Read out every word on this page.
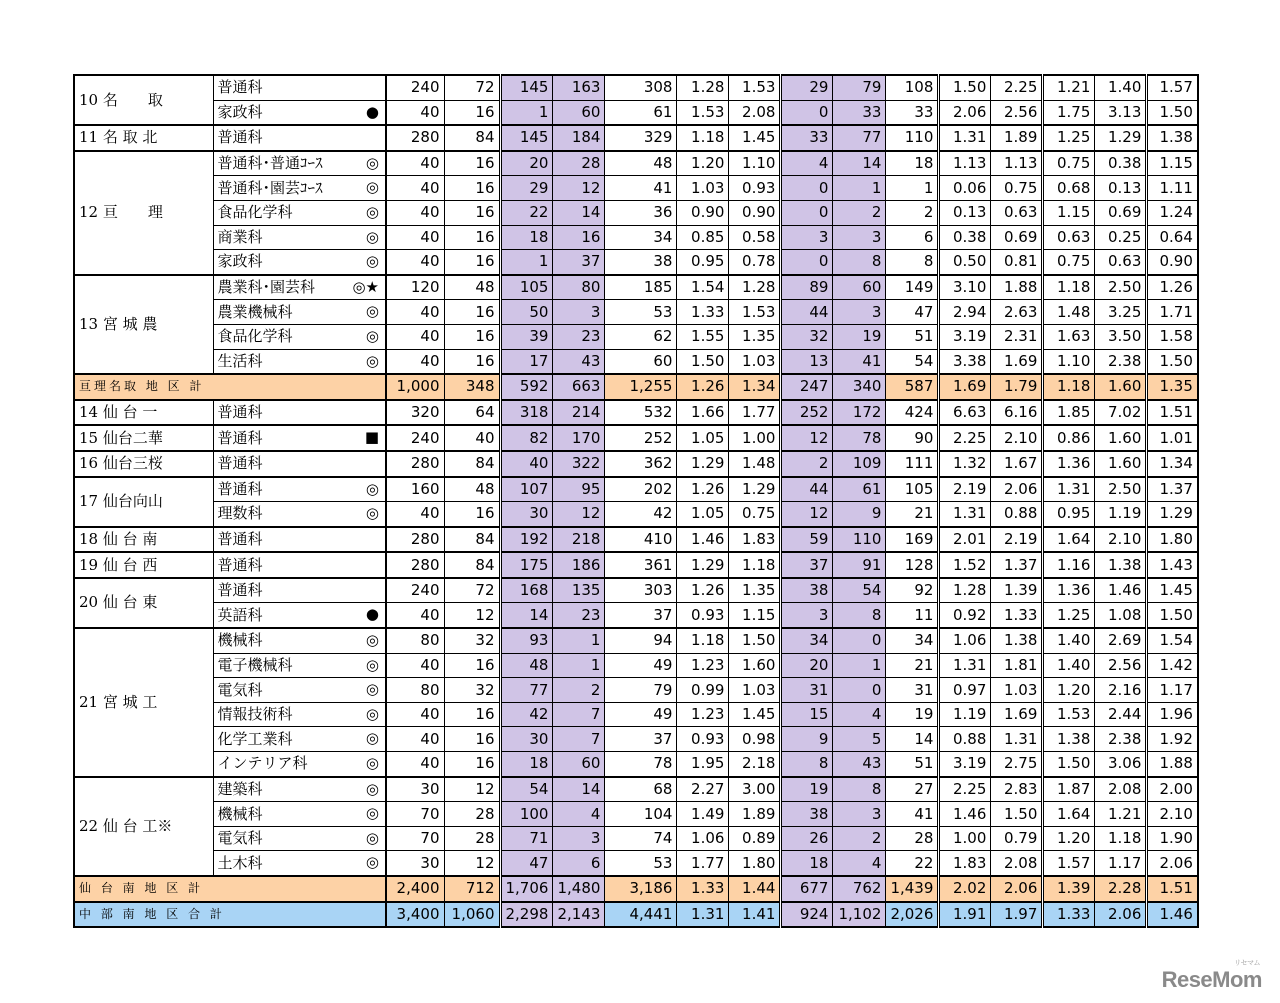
10 名　　取	普通科	240	72	145	163	308	1.28	1.53	29	79	108	1.50	2.25	1.21	1.40	1.57
	家政科 ●	40	16	1	60	61	1.53	2.08	0	33	33	2.06	2.56	1.75	3.13	1.50
11 名 取 北	普通科	280	84	145	184	329	1.18	1.45	33	77	110	1.31	1.89	1.25	1.29	1.38
12 亘　　理	普通科･普通ｺｰｽ ◎	40	16	20	28	48	1.20	1.10	4	14	18	1.13	1.13	0.75	0.38	1.15
	普通科･園芸ｺｰｽ ◎	40	16	29	12	41	1.03	0.93	0	1	1	0.06	0.75	0.68	0.13	1.11
	食品化学科 ◎	40	16	22	14	36	0.90	0.90	0	2	2	0.13	0.63	1.15	0.69	1.24
	商業科 ◎	40	16	18	16	34	0.85	0.58	3	3	6	0.38	0.69	0.63	0.25	0.64
	家政科 ◎	40	16	1	37	38	0.95	0.78	0	8	8	0.50	0.81	0.75	0.63	0.90
13 宮 城 農	農業科･園芸科 ◎★	120	48	105	80	185	1.54	1.28	89	60	149	3.10	1.88	1.18	2.50	1.26
	農業機械科 ◎	40	16	50	3	53	1.33	1.53	44	3	47	2.94	2.63	1.48	3.25	1.71
	食品化学科 ◎	40	16	39	23	62	1.55	1.35	32	19	51	3.19	2.31	1.63	3.50	1.58
	生活科 ◎	40	16	17	43	60	1.50	1.03	13	41	54	3.38	1.69	1.10	2.38	1.50
亘理名取 地 区 計		1,000	348	592	663	1,255	1.26	1.34	247	340	587	1.69	1.79	1.18	1.60	1.35
14 仙 台 一	普通科	320	64	318	214	532	1.66	1.77	252	172	424	6.63	6.16	1.85	7.02	1.51
15 仙台二華	普通科 ■	240	40	82	170	252	1.05	1.00	12	78	90	2.25	2.10	0.86	1.60	1.01
16 仙台三桜	普通科	280	84	40	322	362	1.29	1.48	2	109	111	1.32	1.67	1.36	1.60	1.34
17 仙台向山	普通科 ◎	160	48	107	95	202	1.26	1.29	44	61	105	2.19	2.06	1.31	2.50	1.37
	理数科 ◎	40	16	30	12	42	1.05	0.75	12	9	21	1.31	0.88	0.95	1.19	1.29
18 仙 台 南	普通科	280	84	192	218	410	1.46	1.83	59	110	169	2.01	2.19	1.64	2.10	1.80
19 仙 台 西	普通科	280	84	175	186	361	1.29	1.18	37	91	128	1.52	1.37	1.16	1.38	1.43
20 仙 台 東	普通科	240	72	168	135	303	1.26	1.35	38	54	92	1.28	1.39	1.36	1.46	1.45
	英語科 ●	40	12	14	23	37	0.93	1.15	3	8	11	0.92	1.33	1.25	1.08	1.50
21 宮 城 工	機械科 ◎	80	32	93	1	94	1.18	1.50	34	0	34	1.06	1.38	1.40	2.69	1.54
	電子機械科 ◎	40	16	48	1	49	1.23	1.60	20	1	21	1.31	1.81	1.40	2.56	1.42
	電気科 ◎	80	32	77	2	79	0.99	1.03	31	0	31	0.97	1.03	1.20	2.16	1.17
	情報技術科 ◎	40	16	42	7	49	1.23	1.45	15	4	19	1.19	1.69	1.53	2.44	1.96
	化学工業科 ◎	40	16	30	7	37	0.93	0.98	9	5	14	0.88	1.31	1.38	2.38	1.92
	インテリア科 ◎	40	16	18	60	78	1.95	2.18	8	43	51	3.19	2.75	1.50	3.06	1.88
22 仙 台 工※	建築科 ◎	30	12	54	14	68	2.27	3.00	19	8	27	2.25	2.83	1.87	2.08	2.00
	機械科 ◎	70	28	100	4	104	1.49	1.89	38	3	41	1.46	1.50	1.64	1.21	2.10
	電気科 ◎	70	28	71	3	74	1.06	0.89	26	2	28	1.00	0.79	1.20	1.18	1.90
	土木科 ◎	30	12	47	6	53	1.77	1.80	18	4	22	1.83	2.08	1.57	1.17	2.06
仙 台 南 地 区 計		2,400	712	1,706	1,480	3,186	1.33	1.44	677	762	1,439	2.02	2.06	1.39	2.28	1.51
中 部 南 地 区 合 計		3,400	1,060	2,298	2,143	4,441	1.31	1.41	924	1,102	2,026	1.91	1.97	1.33	2.06	1.46
リセマム
ReseMom
